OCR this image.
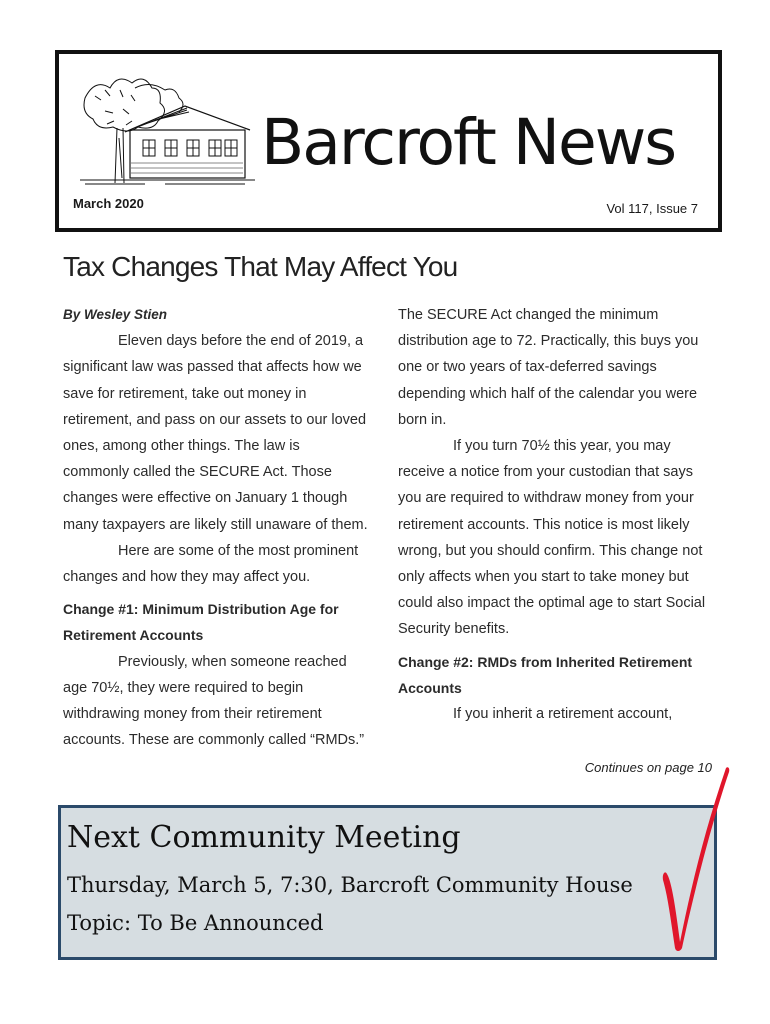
Barcroft News
March 2020	Vol 117, Issue 7
Tax Changes That May Affect You

By Wesley Stien

Eleven days before the end of 2019, a significant law was passed that affects how we save for retirement, take out money in retirement, and pass on our assets to our loved ones, among other things. The law is commonly called the SECURE Act. Those changes were effective on January 1 though many taxpayers are likely still unaware of them.

Here are some of the most prominent changes and how they may affect you.

Change #1: Minimum Distribution Age for Retirement Accounts

Previously, when someone reached age 70½, they were required to begin withdrawing money from their retirement accounts. These are commonly called “RMDs.”

The SECURE Act changed the minimum distribution age to 72. Practically, this buys you one or two years of tax-deferred savings depending which half of the calendar you were born in.

If you turn 70½ this year, you may receive a notice from your custodian that says you are required to withdraw money from your retirement accounts. This notice is most likely wrong, but you should confirm. This change not only affects when you start to take money but could also impact the optimal age to start Social Security benefits.

Change #2: RMDs from Inherited Retirement Accounts

If you inherit a retirement account,

Continues on page 10
Next Community Meeting
Thursday, March 5, 7:30, Barcroft Community House
Topic: To Be Announced
